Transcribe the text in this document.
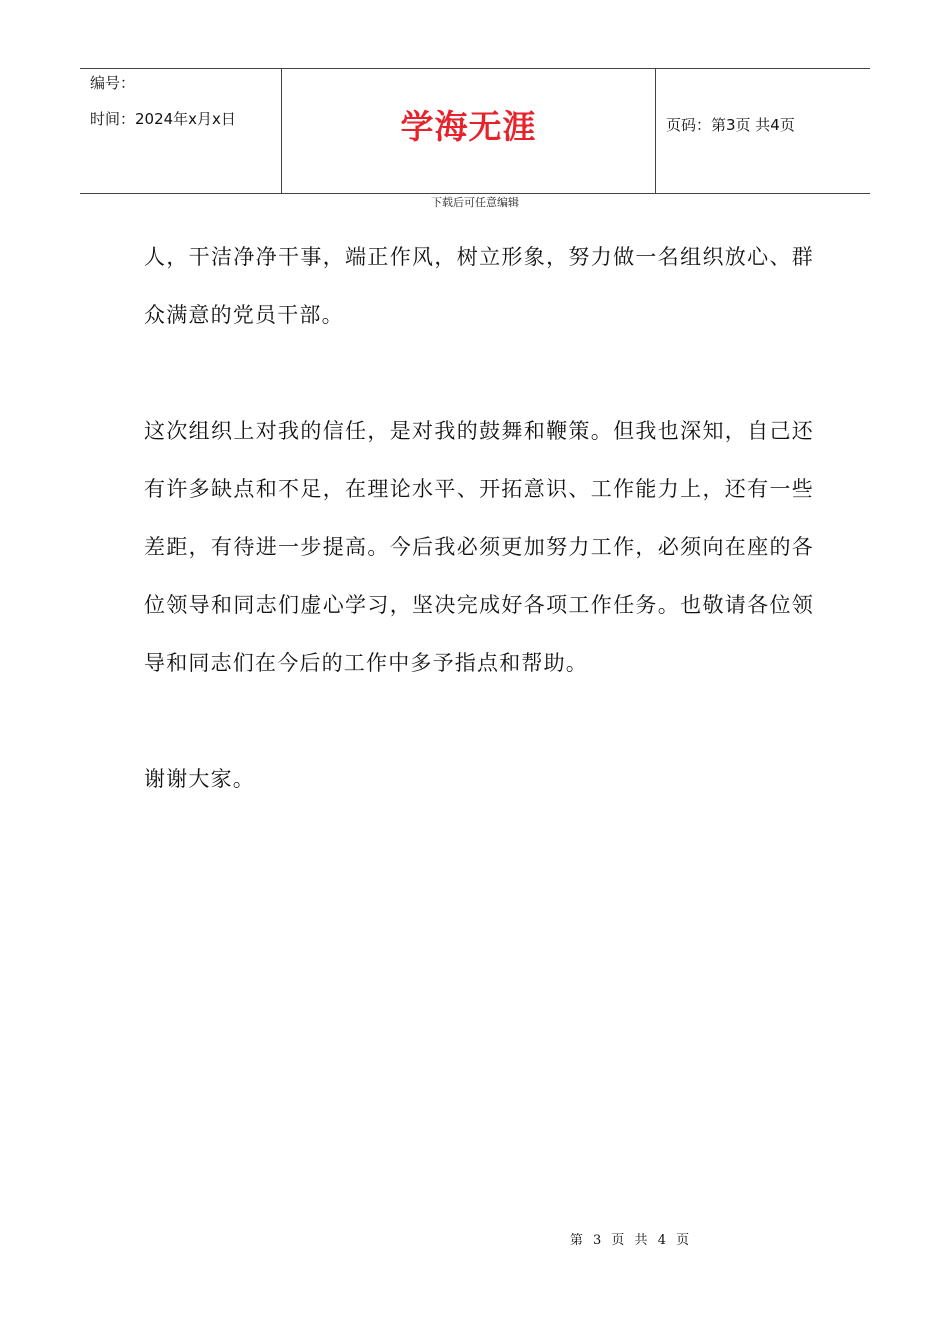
编号：
时间：2024年x月x日	学海无涯	页码：第3页 共4页
下载后可任意编辑

人，干洁净净干事，端正作风，树立形象，努力做一名组织放心、群众满意的党员干部。

这次组织上对我的信任，是对我的鼓舞和鞭策。但我也深知，自己还有许多缺点和不足，在理论水平、开拓意识、工作能力上，还有一些差距，有待进一步提高。今后我必须更加努力工作，必须向在座的各位领导和同志们虚心学习，坚决完成好各项工作任务。也敬请各位领导和同志们在今后的工作中多予指点和帮助。

谢谢大家。

第 3 页 共 4 页
